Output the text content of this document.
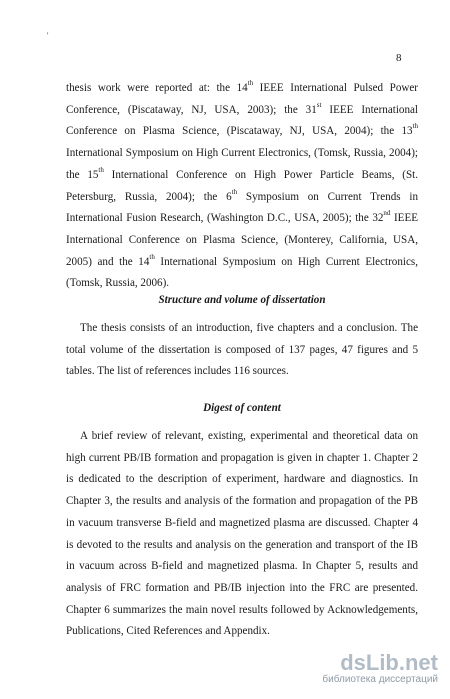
'
8

thesis work were reported at: the 14th IEEE International Pulsed Power Conference, (Piscataway, NJ, USA, 2003); the 31st IEEE International Conference on Plasma Science, (Piscataway, NJ, USA, 2004); the 13th International Symposium on High Current Electronics, (Tomsk, Russia, 2004); the 15th International Conference on High Power Particle Beams, (St. Petersburg, Russia, 2004); the 6th Symposium on Current Trends in International Fusion Research, (Washington D.C., USA, 2005); the 32nd IEEE International Conference on Plasma Science, (Monterey, California, USA, 2005) and the 14th International Symposium on High Current Electronics, (Tomsk, Russia, 2006).

Structure and volume of dissertation

The thesis consists of an introduction, five chapters and a conclusion. The total volume of the dissertation is composed of 137 pages, 47 figures and 5 tables. The list of references includes 116 sources.

Digest of content

A brief review of relevant, existing, experimental and theoretical data on high current PB/IB formation and propagation is given in chapter 1. Chapter 2 is dedicated to the description of experiment, hardware and diagnostics. In Chapter 3, the results and analysis of the formation and propagation of the PB in vacuum transverse B-field and magnetized plasma are discussed. Chapter 4 is devoted to the results and analysis on the generation and transport of the IB in vacuum across B-field and magnetized plasma. In Chapter 5, results and analysis of FRC formation and PB/IB injection into the FRC are presented. Chapter 6 summarizes the main novel results followed by Acknowledgements, Publications, Cited References and Appendix.

dsLib.net
библиотека диссертаций
